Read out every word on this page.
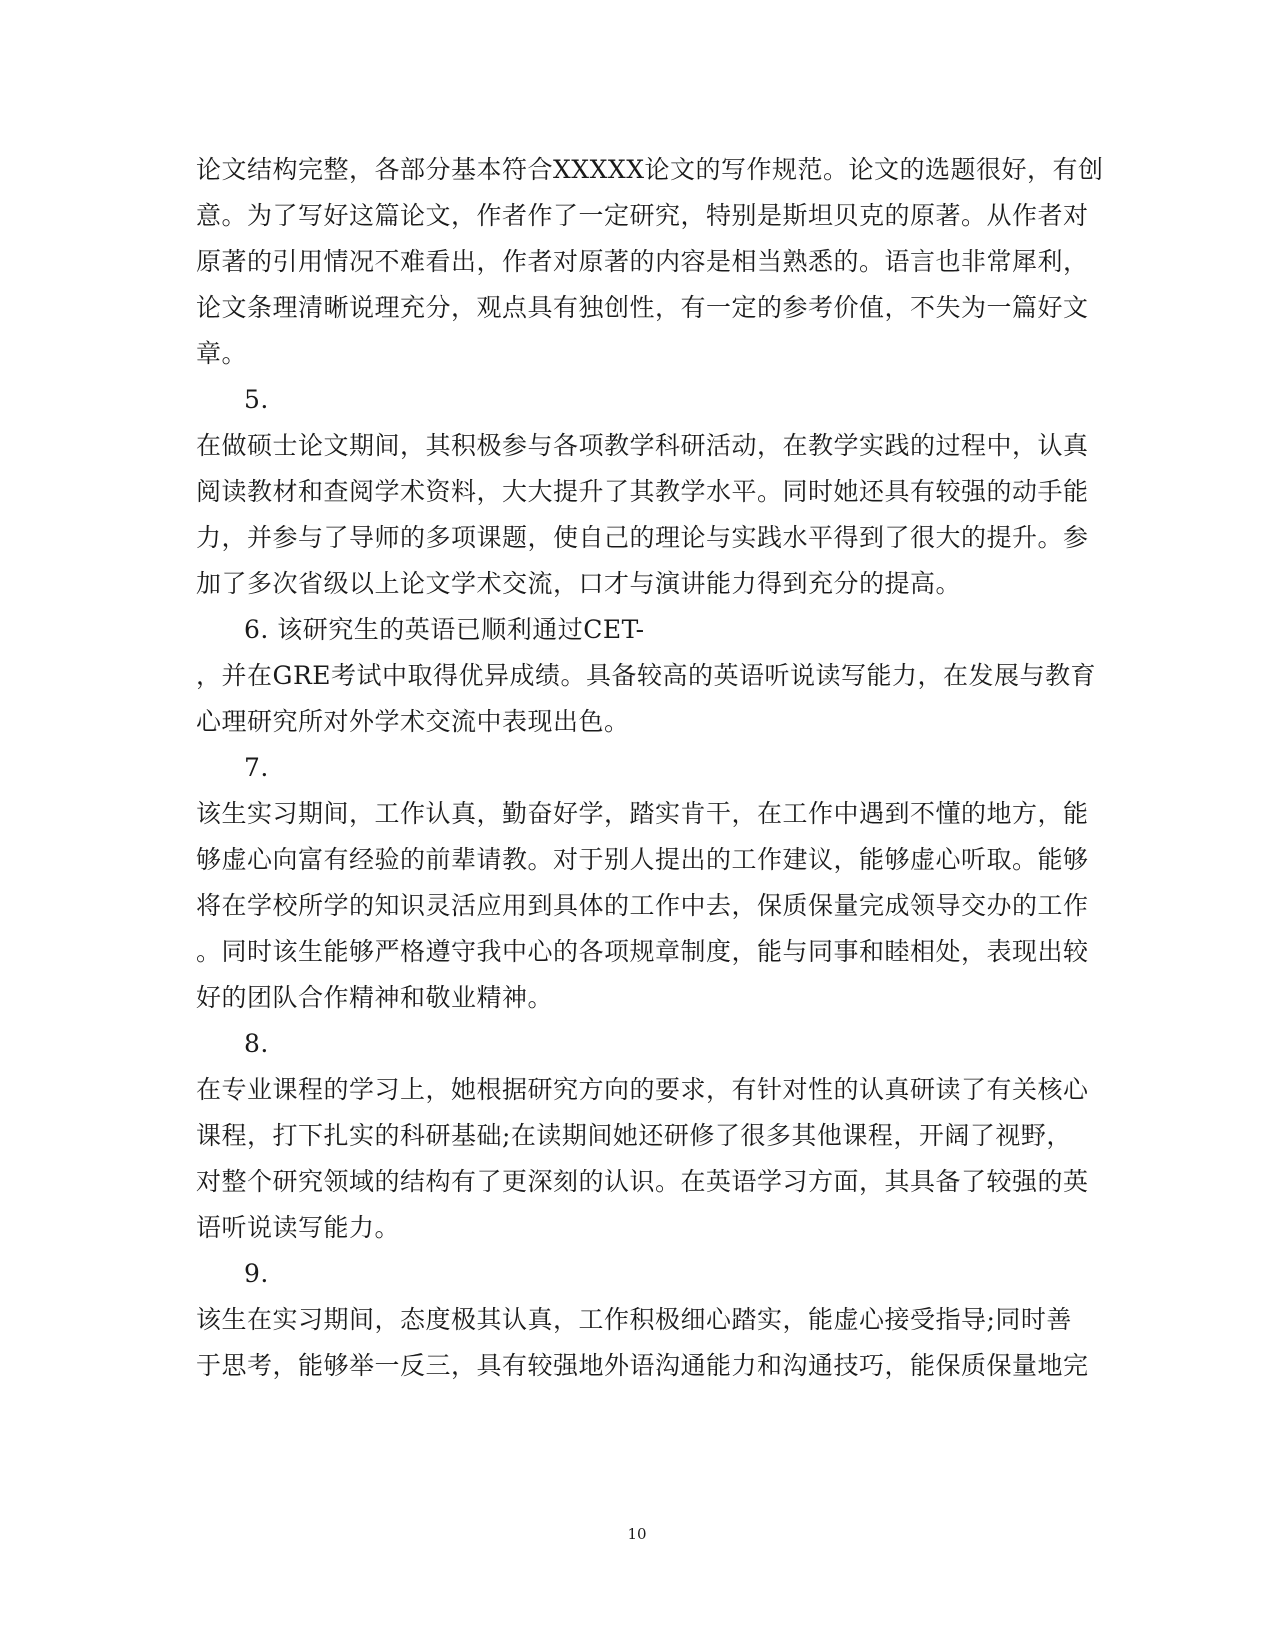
论文结构完整，各部分基本符合XXXXX论文的写作规范。论文的选题很好，有创
意。为了写好这篇论文，作者作了一定研究，特别是斯坦贝克的原著。从作者对
原著的引用情况不难看出，作者对原著的内容是相当熟悉的。语言也非常犀利，
论文条理清晰说理充分，观点具有独创性，有一定的参考价值，不失为一篇好文
章。
5.
在做硕士论文期间，其积极参与各项教学科研活动，在教学实践的过程中，认真
阅读教材和查阅学术资料，大大提升了其教学水平。同时她还具有较强的动手能
力，并参与了导师的多项课题，使自己的理论与实践水平得到了很大的提升。参
加了多次省级以上论文学术交流，口才与演讲能力得到充分的提高。
6. 该研究生的英语已顺利通过CET-
，并在GRE考试中取得优异成绩。具备较高的英语听说读写能力，在发展与教育
心理研究所对外学术交流中表现出色。
7.
该生实习期间，工作认真，勤奋好学，踏实肯干，在工作中遇到不懂的地方，能
够虚心向富有经验的前辈请教。对于别人提出的工作建议，能够虚心听取。能够
将在学校所学的知识灵活应用到具体的工作中去，保质保量完成领导交办的工作
。同时该生能够严格遵守我中心的各项规章制度，能与同事和睦相处，表现出较
好的团队合作精神和敬业精神。
8.
在专业课程的学习上，她根据研究方向的要求，有针对性的认真研读了有关核心
课程，打下扎实的科研基础;在读期间她还研修了很多其他课程，开阔了视野，
对整个研究领域的结构有了更深刻的认识。在英语学习方面，其具备了较强的英
语听说读写能力。
9.
该生在实习期间，态度极其认真，工作积极细心踏实，能虚心接受指导;同时善
于思考，能够举一反三，具有较强地外语沟通能力和沟通技巧，能保质保量地完
10
